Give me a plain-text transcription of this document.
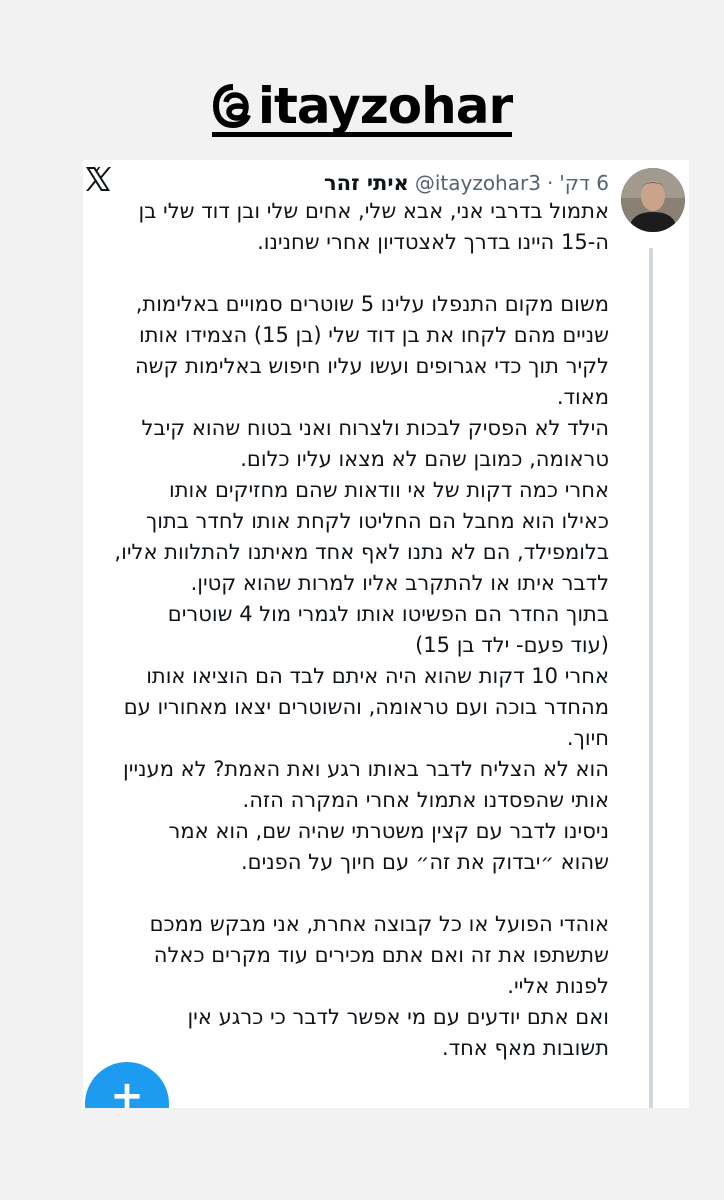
itayzohar
איתי זהר @itayzohar3 · 6 דק'
אתמול בדרבי אני, אבא שלי, אחים שלי ובן דוד שלי בן
ה-15 היינו בדרך לאצטדיון אחרי שחנינו.

משום מקום התנפלו עלינו 5 שוטרים סמויים באלימות,
שניים מהם לקחו את בן דוד שלי (בן 15) הצמידו אותו
לקיר תוך כדי אגרופים ועשו עליו חיפוש באלימות קשה
מאוד.
הילד לא הפסיק לבכות ולצרוח ואני בטוח שהוא קיבל
טראומה, כמובן שהם לא מצאו עליו כלום.
אחרי כמה דקות של אי וודאות שהם מחזיקים אותו
כאילו הוא מחבל הם החליטו לקחת אותו לחדר בתוך
בלומפילד, הם לא נתנו לאף אחד מאיתנו להתלוות אליו,
לדבר איתו או להתקרב אליו למרות שהוא קטין.
בתוך החדר הם הפשיטו אותו לגמרי מול 4 שוטרים
(עוד פעם- ילד בן 15)
אחרי 10 דקות שהוא היה איתם לבד הם הוציאו אותו
מהחדר בוכה ועם טראומה, והשוטרים יצאו מאחוריו עם
חיוך.
הוא לא הצליח לדבר באותו רגע ואת האמת? לא מעניין
אותי שהפסדנו אתמול אחרי המקרה הזה.
ניסינו לדבר עם קצין משטרתי שהיה שם, הוא אמר
שהוא ״יבדוק את זה״ עם חיוך על הפנים.

אוהדי הפועל או כל קבוצה אחרת, אני מבקש ממכם
שתשתפו את זה ואם אתם מכירים עוד מקרים כאלה
לפנות אליי.
ואם אתם יודעים עם מי אפשר לדבר כי כרגע אין
תשובות מאף אחד.
+
